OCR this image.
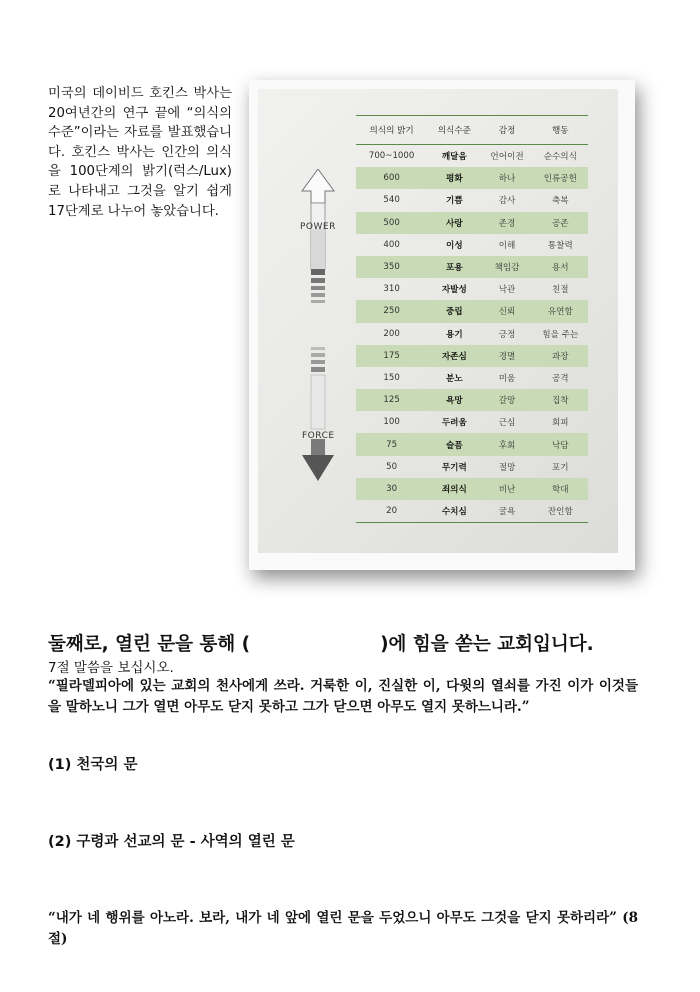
미국의 데이비드 호킨스 박사는 20여년간의 연구 끝에 “의식의 수준”이라는 자료를 발표했습니다. 호킨스 박사는 인간의 의식을 100단계의 밝기(럭스/Lux)로 나타내고 그것을 알기 쉽게 17단계로 나누어 놓았습니다.

POWER
FORCE
의식의 밝기	의식수준	감정	행동
700~1000	깨달음	언어이전	순수의식
600	평화	하나	인류공헌
540	기쁨	감사	축복
500	사랑	존경	공존
400	이성	이해	통찰력
350	포용	책임감	용서
310	자발성	낙관	친절
250	중립	신뢰	유연함
200	용기	긍정	힘을 주는
175	자존심	경멸	과장
150	분노	미움	공격
125	욕망	갈망	집착
100	두려움	근심	회피
75	슬픔	후회	낙담
50	무기력	절망	포기
30	죄의식	비난	학대
20	수치심	굴욕	잔인함
둘째로, 열린 문을 통해 (	)에 힘을 쏟는 교회입니다.
7절 말씀을 보십시오.
“필라델피아에 있는 교회의 천사에게 쓰라. 거룩한 이, 진실한 이, 다윗의 열쇠를 가진 이가 이것들을 말하노니 그가 열면 아무도 닫지 못하고 그가 닫으면 아무도 열지 못하느니라.”
(1) 천국의 문
(2) 구령과 선교의 문 - 사역의 열린 문
“내가 네 행위를 아노라. 보라, 내가 네 앞에 열린 문을 두었으니 아무도 그것을 닫지 못하리라” (8절)
